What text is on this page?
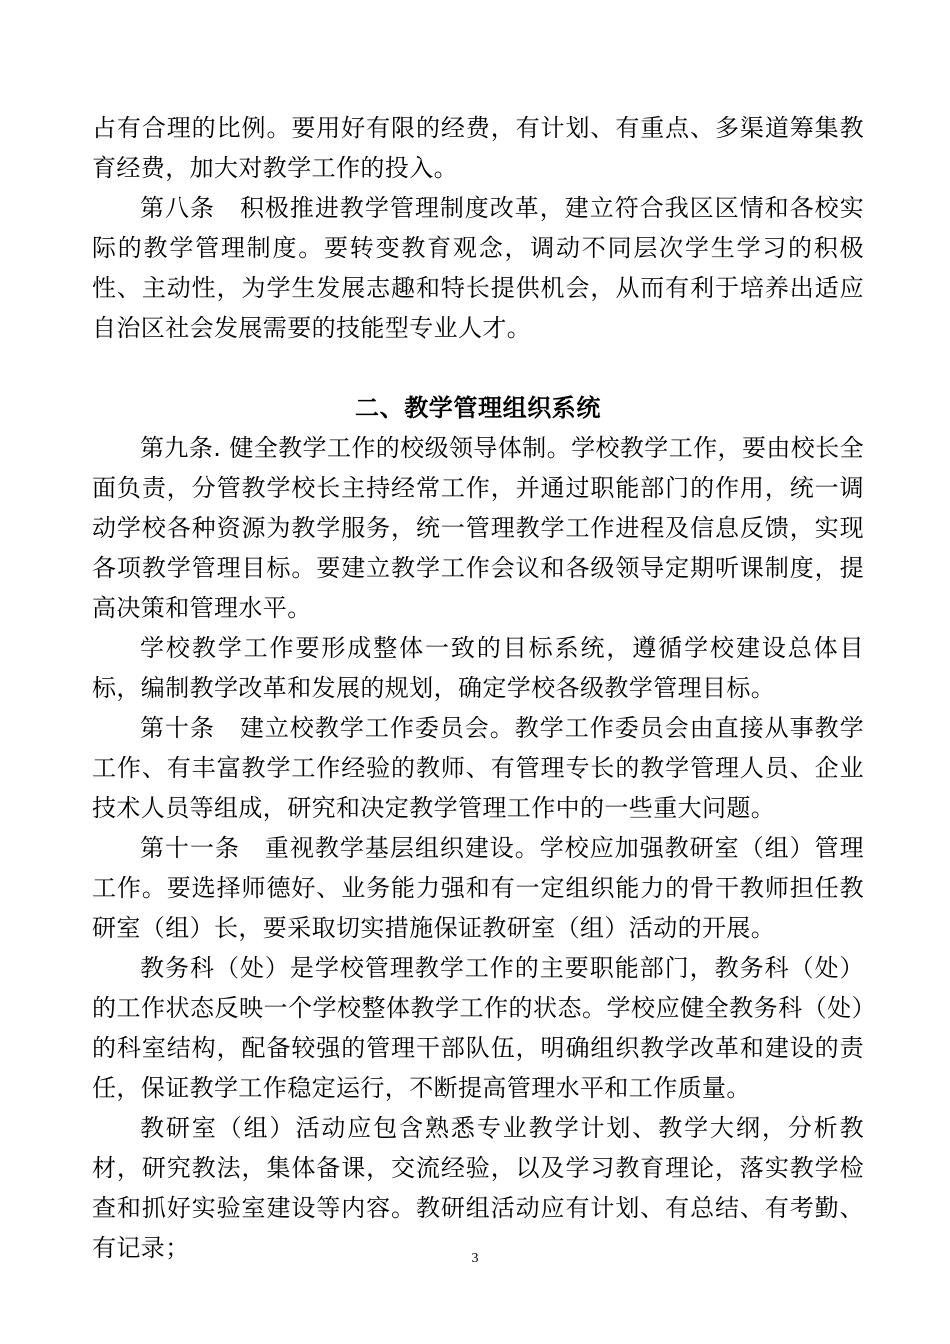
占有合理的比例。要用好有限的经费，有计划、有重点、多渠道筹集教育经费，加大对教学工作的投入。

第八条　积极推进教学管理制度改革，建立符合我区区情和各校实际的教学管理制度。要转变教育观念，调动不同层次学生学习的积极性、主动性，为学生发展志趣和特长提供机会，从而有利于培养出适应自治区社会发展需要的技能型专业人才。

二、教学管理组织系统

第九条. 健全教学工作的校级领导体制。学校教学工作，要由校长全面负责，分管教学校长主持经常工作，并通过职能部门的作用，统一调动学校各种资源为教学服务，统一管理教学工作进程及信息反馈，实现各项教学管理目标。要建立教学工作会议和各级领导定期听课制度，提高决策和管理水平。

学校教学工作要形成整体一致的目标系统，遵循学校建设总体目标，编制教学改革和发展的规划，确定学校各级教学管理目标。

第十条　建立校教学工作委员会。教学工作委员会由直接从事教学工作、有丰富教学工作经验的教师、有管理专长的教学管理人员、企业技术人员等组成，研究和决定教学管理工作中的一些重大问题。

第十一条　重视教学基层组织建设。学校应加强教研室（组）管理工作。要选择师德好、业务能力强和有一定组织能力的骨干教师担任教研室（组）长，要采取切实措施保证教研室（组）活动的开展。

教务科（处）是学校管理教学工作的主要职能部门，教务科（处）的工作状态反映一个学校整体教学工作的状态。学校应健全教务科（处）的科室结构，配备较强的管理干部队伍，明确组织教学改革和建设的责任，保证教学工作稳定运行，不断提高管理水平和工作质量。

教研室（组）活动应包含熟悉专业教学计划、教学大纲，分析教材，研究教法，集体备课，交流经验，以及学习教育理论，落实教学检查和抓好实验室建设等内容。教研组活动应有计划、有总结、有考勤、有记录；	3
